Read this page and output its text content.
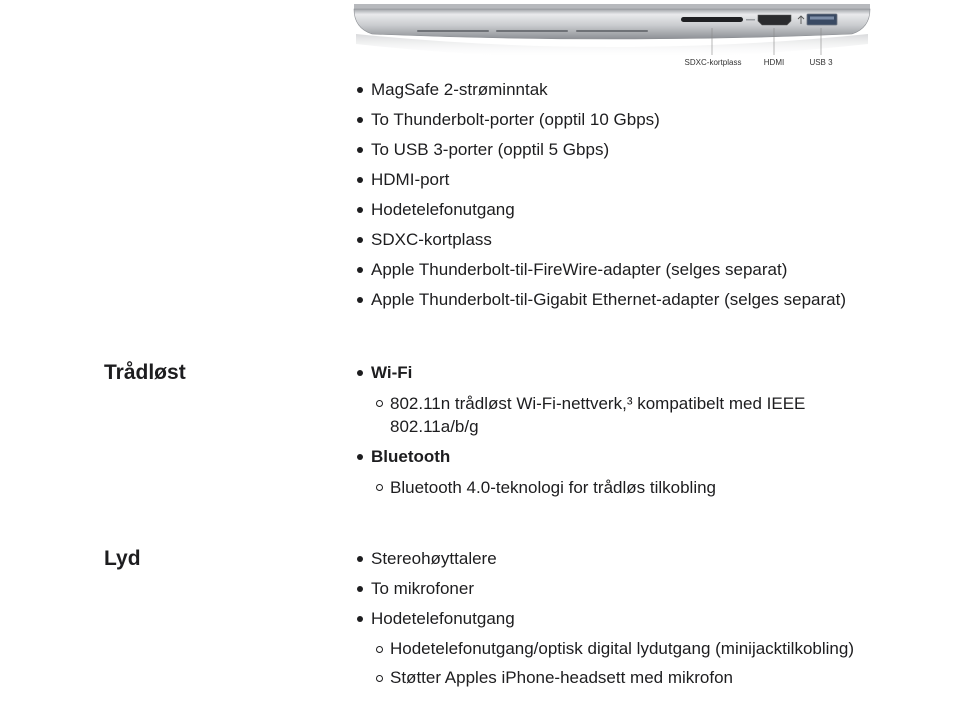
SDXC-kortplass	HDMI	USB 3
MagSafe 2-strøminntak
To Thunderbolt-porter (opptil 10 Gbps)
To USB 3-porter (opptil 5 Gbps)
HDMI-port
Hodetelefonutgang
SDXC-kortplass
Apple Thunderbolt-til-FireWire-adapter (selges separat)
Apple Thunderbolt-til-Gigabit Ethernet-adapter (selges separat)
Trådløst	Wi-Fi
802.11n trådløst Wi-Fi-nettverk,³ kompatibelt med IEEE 802.11a/b/g
Bluetooth
Bluetooth 4.0-teknologi for trådløs tilkobling
Lyd	Stereohøyttalere
To mikrofoner
Hodetelefonutgang
Hodetelefonutgang/optisk digital lydutgang (minijacktilkobling)
Støtter Apples iPhone-headsett med mikrofon
